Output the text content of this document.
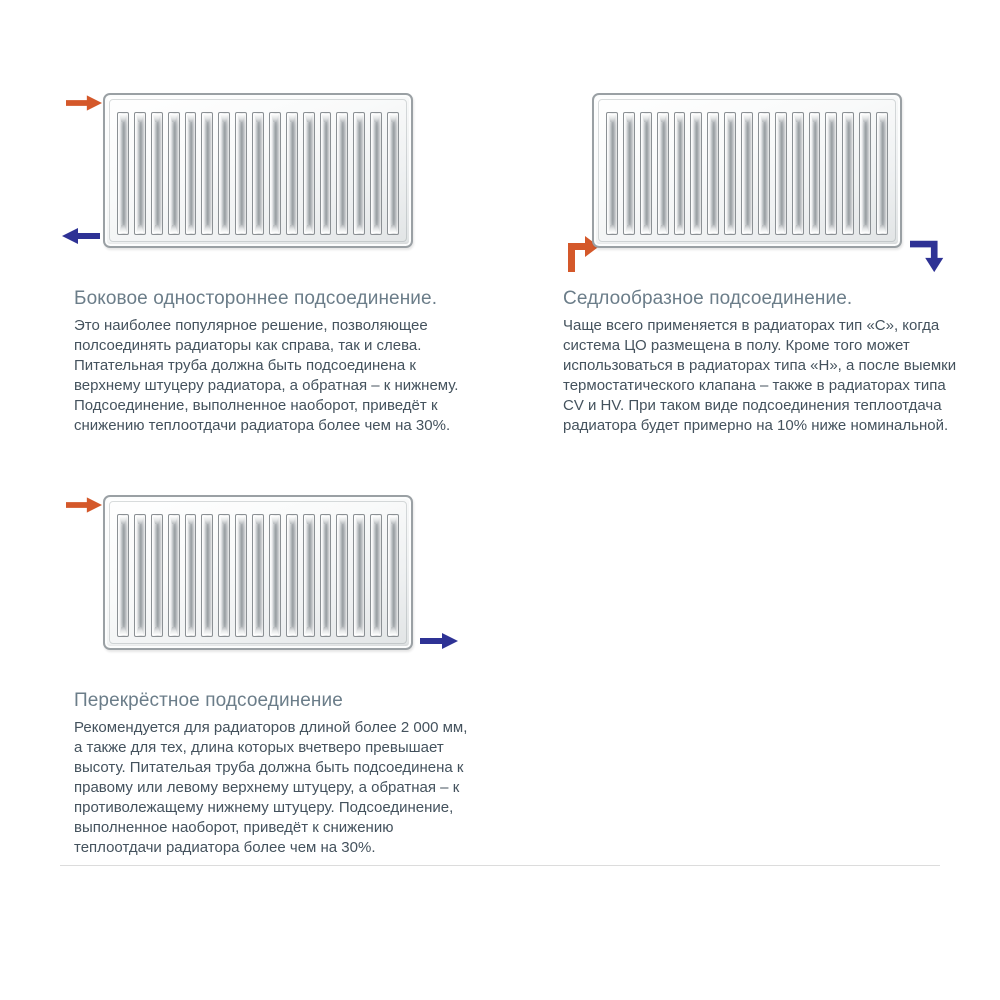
Боковое одностороннее подсоединение.

Это наиболее популярное решение, позволяющее полсоединять радиаторы как справа, так и слева. Питательная труба должна быть подсоединена к верхнему штуцеру радиатора, а обратная – к нижнему. Подсоединение, выполненное наоборот, приведёт к снижению теплоотдачи радиатора более чем на 30%.

Седлообразное подсоединение.

Чаще всего применяется в радиаторах тип «С», когда система ЦО размещена в полу. Кроме того может использоваться в радиаторах типа «Н», а после выемки термостатического клапана – также в радиаторах типа CV и HV. При таком виде подсоединения теплоотдача радиатора будет примерно на 10% ниже номинальной.

Перекрёстное подсоединение

Рекомендуется для радиаторов длиной более 2 000 мм, а также для тех, длина которых вчетверо превышает высоту. Питательая труба должна быть подсоединена к правому или левому верхнему штуцеру, а обратная – к противолежащему нижнему штуцеру. Подсоединение, выполненное наоборот, приведёт к снижению теплоотдачи радиатора более чем на 30%.
